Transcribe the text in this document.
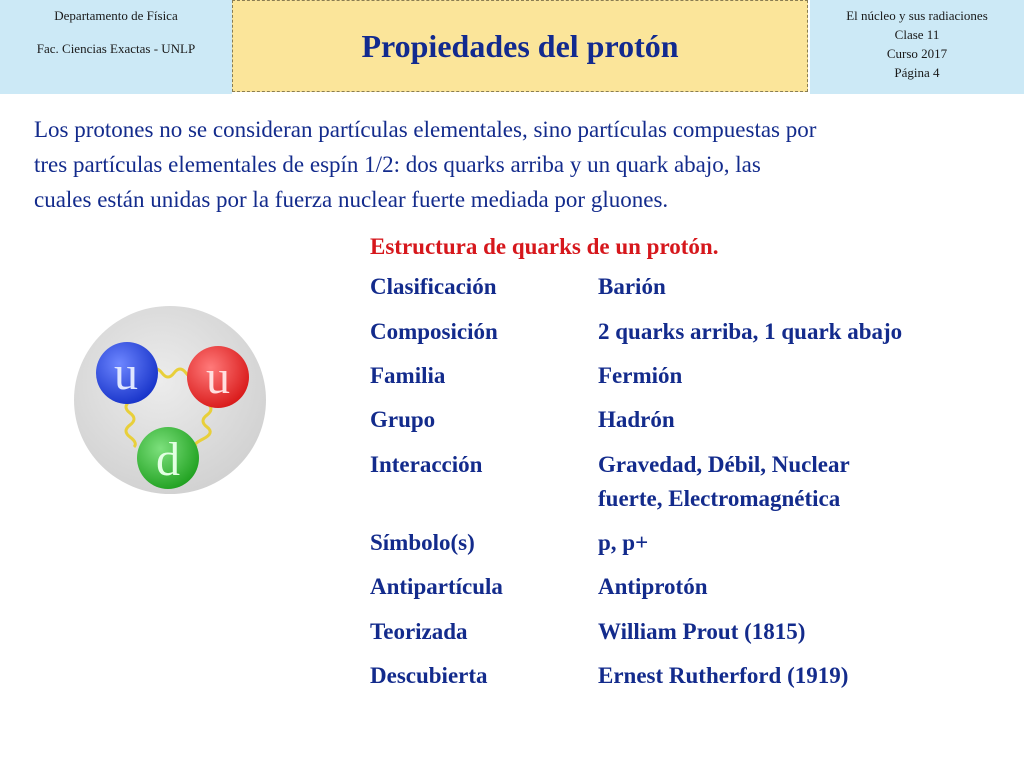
Departamento de Física
Fac. Ciencias Exactas - UNLP	Propiedades del protón
El núcleo y sus radiaciones
Clase 11
Curso 2017
Página 4
Los protones no se consideran partículas elementales, sino partículas compuestas por
tres partículas elementales de espín 1/2: dos quarks arriba y un quark abajo, las
cuales están unidas por la fuerza nuclear fuerte mediada por gluones.
u u
d
Estructura de quarks de un protón.
Clasificación	Barión
Composición	2 quarks arriba, 1 quark abajo
Familia	Fermión
Grupo	Hadrón
Interacción	Gravedad, Débil, Nuclear
fuerte, Electromagnética
Símbolo(s)	p, p+
Antipartícula	Antiprotón
Teorizada	William Prout (1815)
Descubierta	Ernest Rutherford (1919)
